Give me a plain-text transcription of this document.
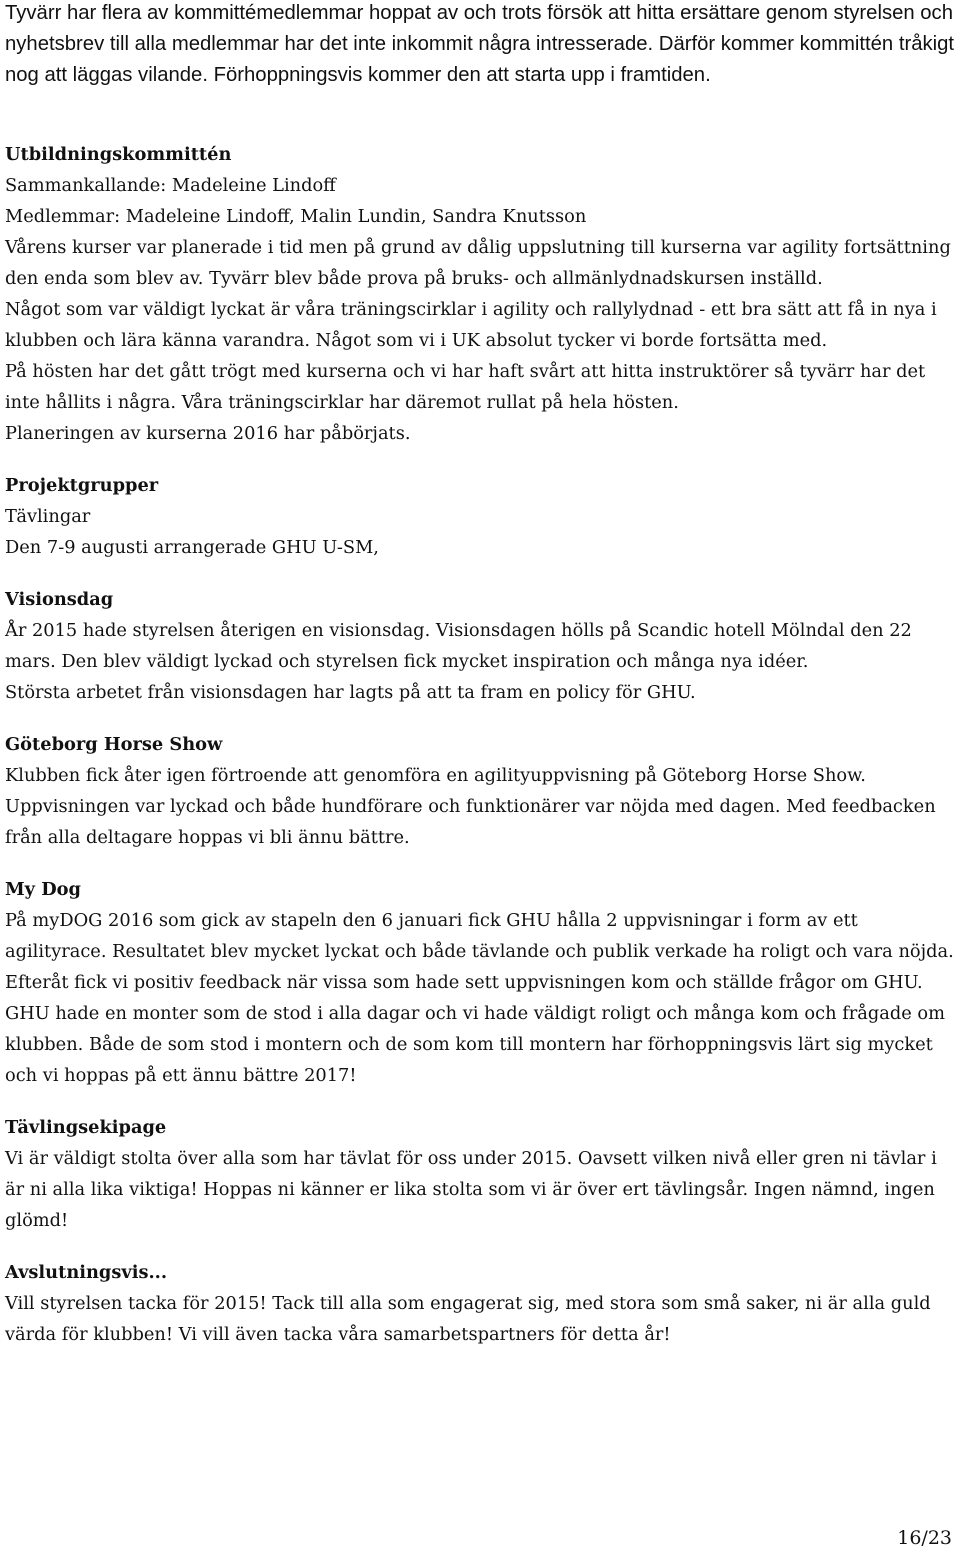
Tyvärr har flera av kommittémedlemmar hoppat av och trots försök att hitta ersättare genom styrelsen och nyhetsbrev till alla medlemmar har det inte inkommit några intresserade. Därför kommer kommittén tråkigt nog att läggas vilande. Förhoppningsvis kommer den att starta upp i framtiden.

Utbildningskommittén

Sammankallande: Madeleine Lindoff

Medlemmar: Madeleine Lindoff, Malin Lundin, Sandra Knutsson

Vårens kurser var planerade i tid men på grund av dålig uppslutning till kurserna var agility fortsättning den enda som blev av. Tyvärr blev både prova på bruks- och allmänlydnadskursen inställd.

Något som var väldigt lyckat är våra träningscirklar i agility och rallylydnad - ett bra sätt att få in nya i klubben och lära känna varandra. Något som vi i UK absolut tycker vi borde fortsätta med.

På hösten har det gått trögt med kurserna och vi har haft svårt att hitta instruktörer så tyvärr har det inte hållits i några. Våra träningscirklar har däremot rullat på hela hösten.

Planeringen av kurserna 2016 har påbörjats.

Projektgrupper

Tävlingar

Den 7-9 augusti arrangerade GHU U-SM,

Visionsdag

År 2015 hade styrelsen återigen en visionsdag. Visionsdagen hölls på Scandic hotell Mölndal den 22 mars. Den blev väldigt lyckad och styrelsen fick mycket inspiration och många nya idéer.

Största arbetet från visionsdagen har lagts på att ta fram en policy för GHU.

Göteborg Horse Show

Klubben fick åter igen förtroende att genomföra en agilityuppvisning på Göteborg Horse Show.

Uppvisningen var lyckad och både hundförare och funktionärer var nöjda med dagen. Med feedbacken från alla deltagare hoppas vi bli ännu bättre.

My Dog

På myDOG 2016 som gick av stapeln den 6 januari fick GHU hålla 2 uppvisningar i form av ett agilityrace. Resultatet blev mycket lyckat och både tävlande och publik verkade ha roligt och vara nöjda. Efteråt fick vi positiv feedback när vissa som hade sett uppvisningen kom och ställde frågor om GHU. GHU hade en monter som de stod i alla dagar och vi hade väldigt roligt och många kom och frågade om klubben. Både de som stod i montern och de som kom till montern har förhoppningsvis lärt sig mycket och vi hoppas på ett ännu bättre 2017!

Tävlingsekipage

Vi är väldigt stolta över alla som har tävlat för oss under 2015. Oavsett vilken nivå eller gren ni tävlar i är ni alla lika viktiga! Hoppas ni känner er lika stolta som vi är över ert tävlingsår. Ingen nämnd, ingen

glömd!

Avslutningsvis...

Vill styrelsen tacka för 2015! Tack till alla som engagerat sig, med stora som små saker, ni är alla guld värda för klubben! Vi vill även tacka våra samarbetspartners för detta år!

16/23
